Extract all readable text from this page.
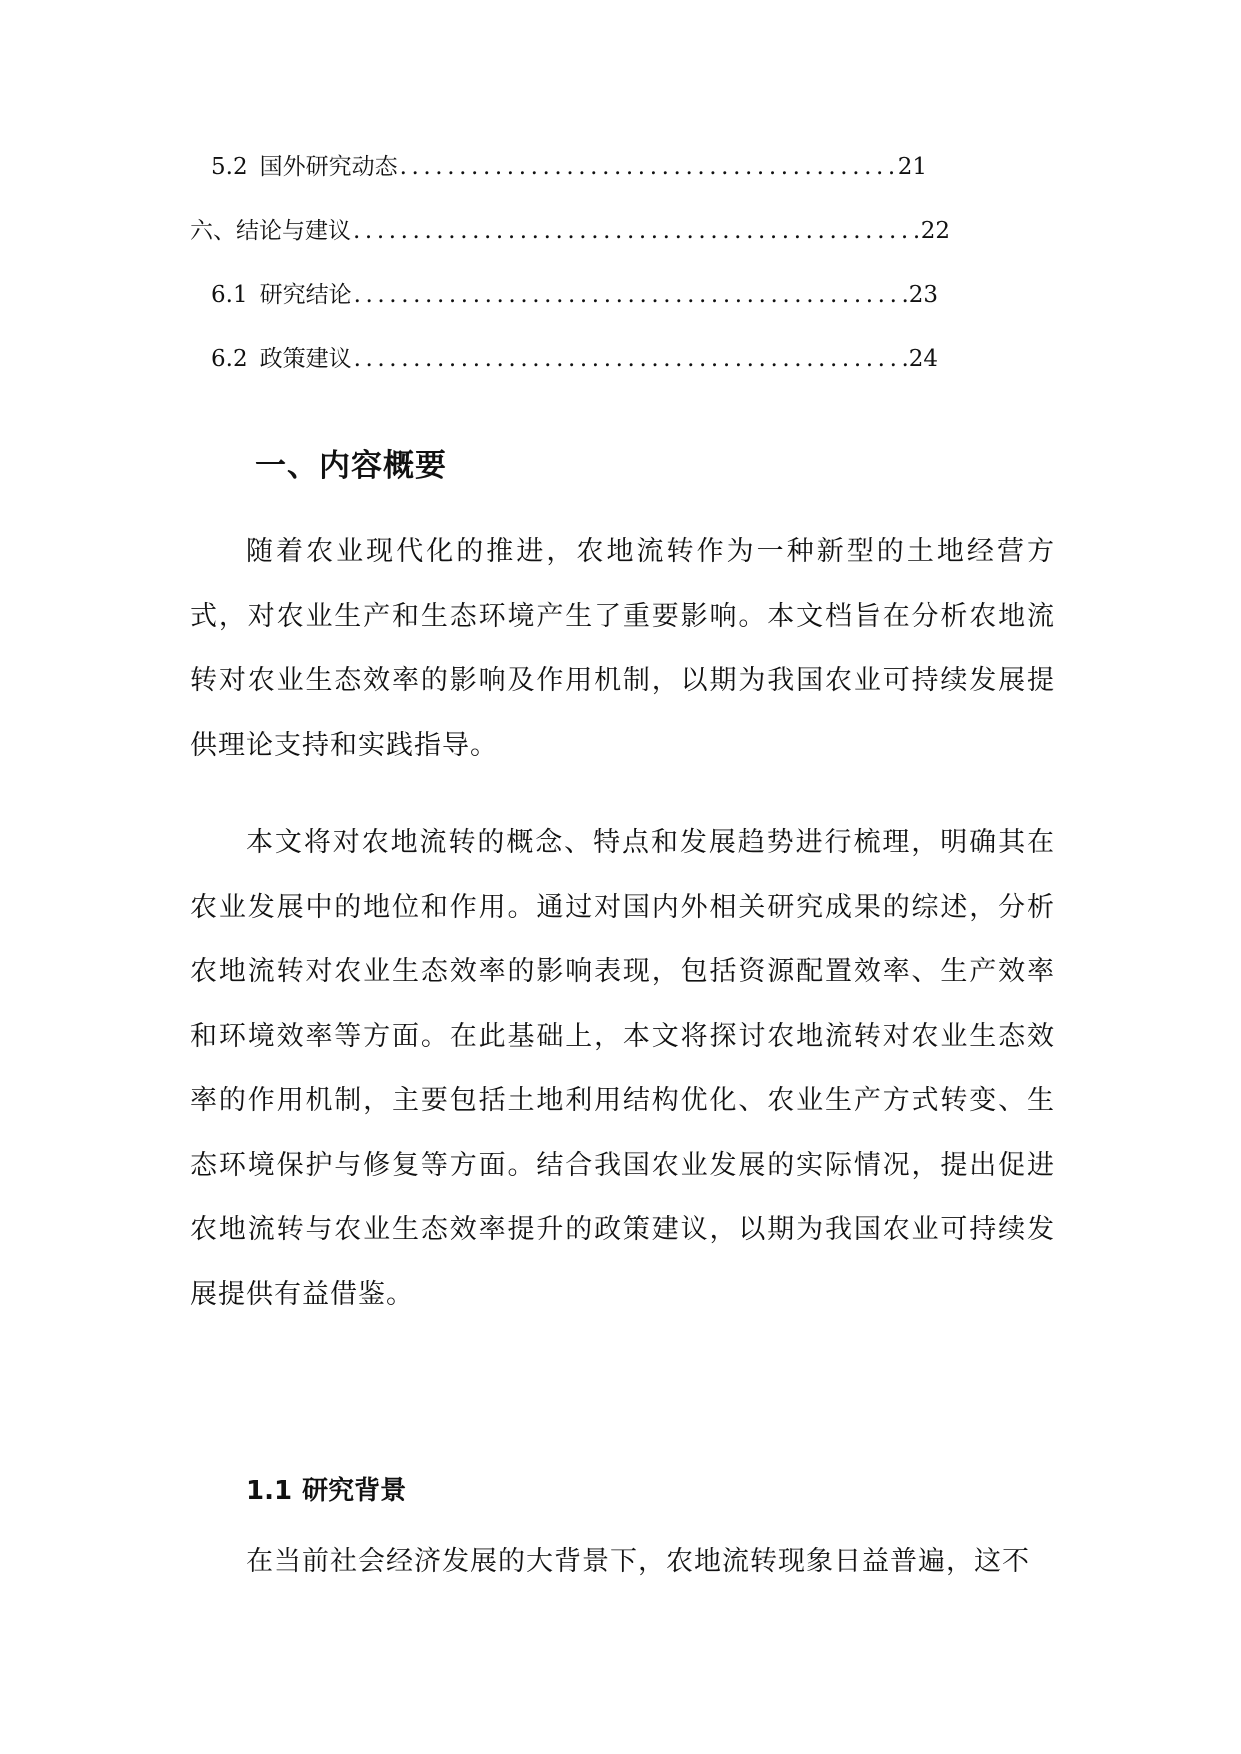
5.2 国外研究动态 .....	21
六、结论与建议 .....	22
6.1 研究结论 .....	23
6.2 政策建议 .....	24
一、内容概要

随着农业现代化的推进，农地流转作为一种新型的土地经营方式，对农业生产和生态环境产生了重要影响。本文档旨在分析农地流转对农业生态效率的影响及作用机制，以期为我国农业可持续发展提供理论支持和实践指导。

本文将对农地流转的概念、特点和发展趋势进行梳理，明确其在农业发展中的地位和作用。通过对国内外相关研究成果的综述，分析农地流转对农业生态效率的影响表现，包括资源配置效率、生产效率和环境效率等方面。在此基础上，本文将探讨农地流转对农业生态效率的作用机制，主要包括土地利用结构优化、农业生产方式转变、生态环境保护与修复等方面。结合我国农业发展的实际情况，提出促进农地流转与农业生态效率提升的政策建议，以期为我国农业可持续发展提供有益借鉴。

1.1 研究背景

在当前社会经济发展的大背景下，农地流转现象日益普遍，这不
